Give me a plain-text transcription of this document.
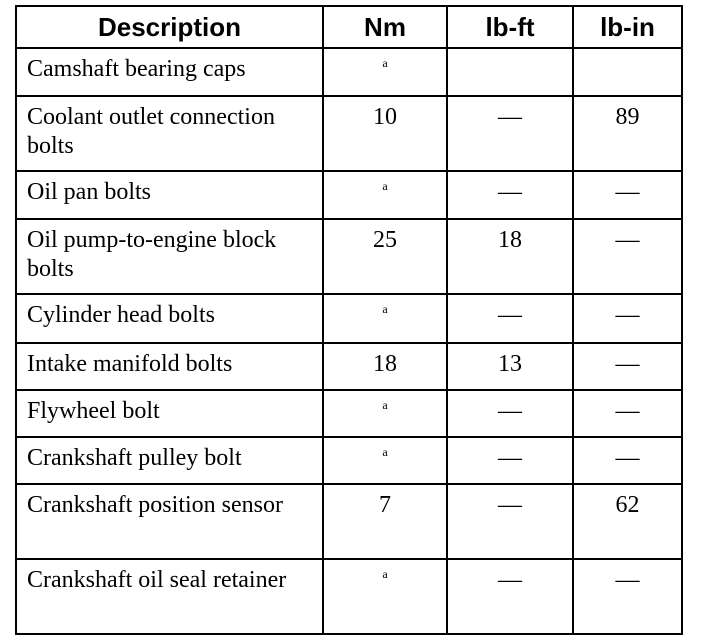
Description	Nm	lb-ft	lb-in
Camshaft bearing caps	$^a$		
Coolant outlet connection bolts	10	—	89
Oil pan bolts	$^a$	—	—
Oil pump-to-engine block bolts	25	18	—
Cylinder head bolts	$^a$	—	—
Intake manifold bolts	18	13	—
Flywheel bolt	$^a$	—	—
Crankshaft pulley bolt	$^a$	—	—
Crankshaft position sensor	7	—	62
Crankshaft oil seal retainer	$^a$	—	—
